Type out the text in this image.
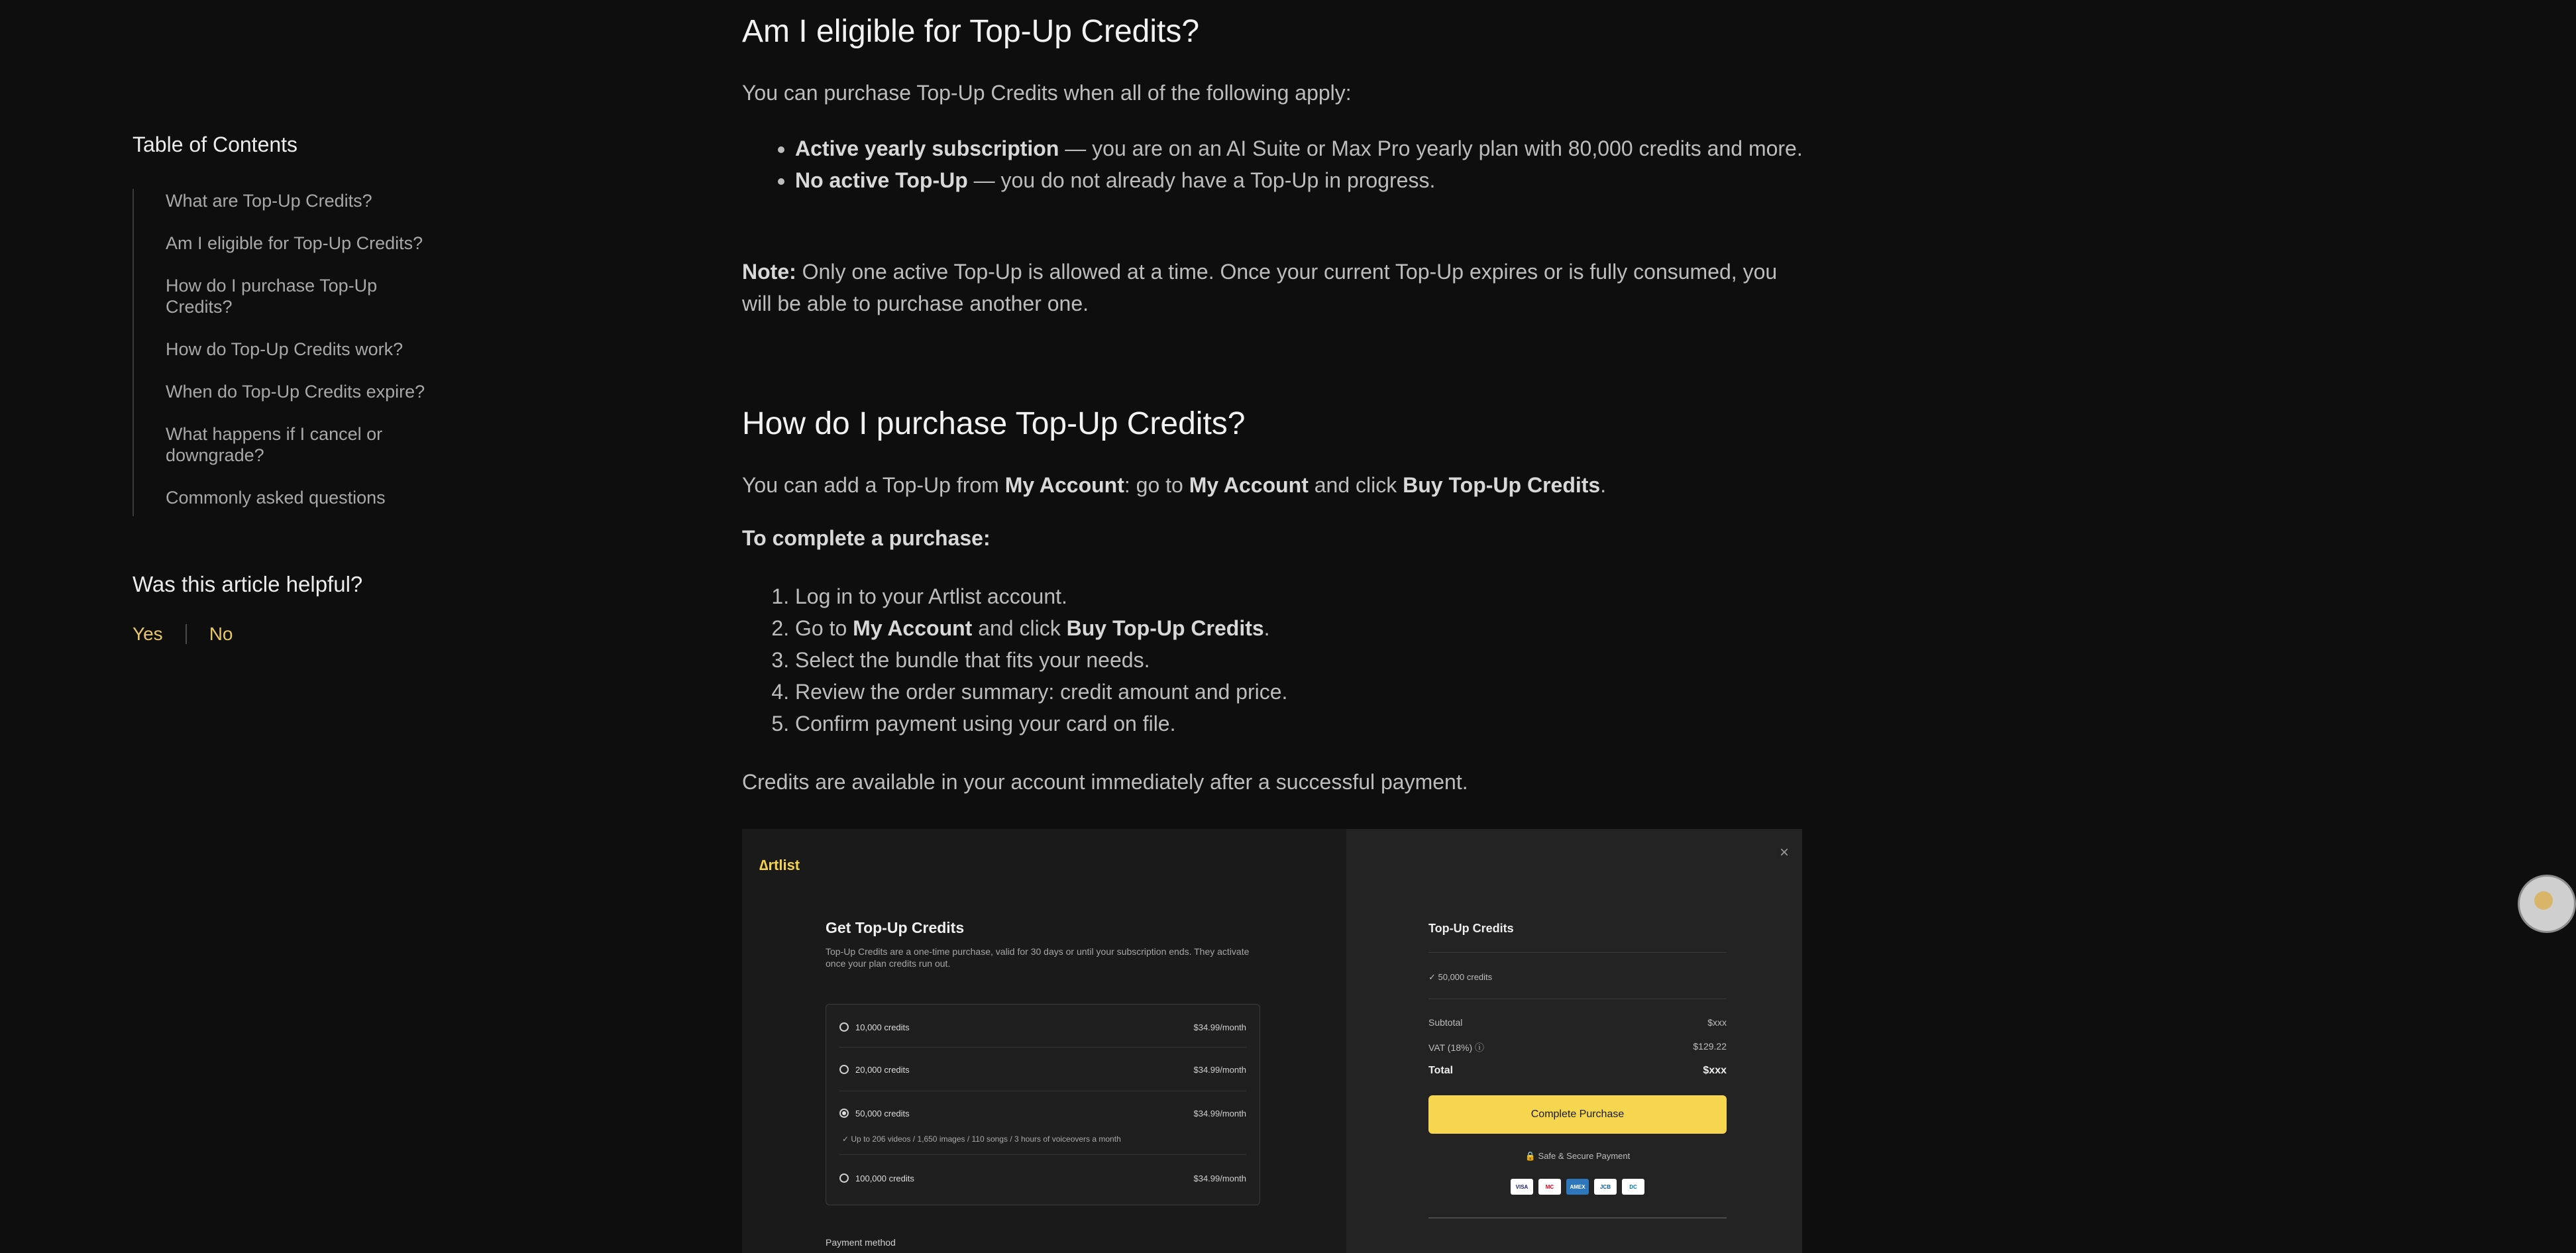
Table of Contents
What are Top-Up Credits?
Am I eligible for Top-Up Credits?
How do I purchase Top-Up Credits?
How do Top-Up Credits work?
When do Top-Up Credits expire?
What happens if I cancel or downgrade?
Commonly asked questions
Was this article helpful?
Yes	No
Am I eligible for Top-Up Credits?

You can purchase Top-Up Credits when all of the following apply:

• Active yearly subscription — you are on an AI Suite or Max Pro yearly plan with 80,000 credits and more.
• No active Top-Up — you do not already have a Top-Up in progress.

Note: Only one active Top-Up is allowed at a time. Once your current Top-Up expires or is fully consumed, you will be able to purchase another one.

How do I purchase Top-Up Credits?

You can add a Top-Up from My Account: go to My Account and click Buy Top-Up Credits.

To complete a purchase:

1. Log in to your Artlist account.
2. Go to My Account and click Buy Top-Up Credits.
3. Select the bundle that fits your needs.
4. Review the order summary: credit amount and price.
5. Confirm payment using your card on file.

Credits are available in your account immediately after a successful payment.

∆rtlist
Get Top-Up Credits
Top-Up Credits are a one-time purchase, valid for 30 days or until your subscription ends. They activate once your plan credits run out.
10,000 credits	$34.99/month
20,000 credits	$34.99/month
50,000 credits	$34.99/month
✓ Up to 206 videos / 1,650 images / 110 songs / 3 hours of voiceovers a month
100,000 credits	$34.99/month
Payment method
×
Top-Up Credits
✓ 50,000 credits
Subtotal	$xxx
VAT (18%) ⓘ	$129.22
Total	$xxx
Complete Purchase
🔒 Safe & Secure Payment
VISA	MC	AMEX	JCB	DC
